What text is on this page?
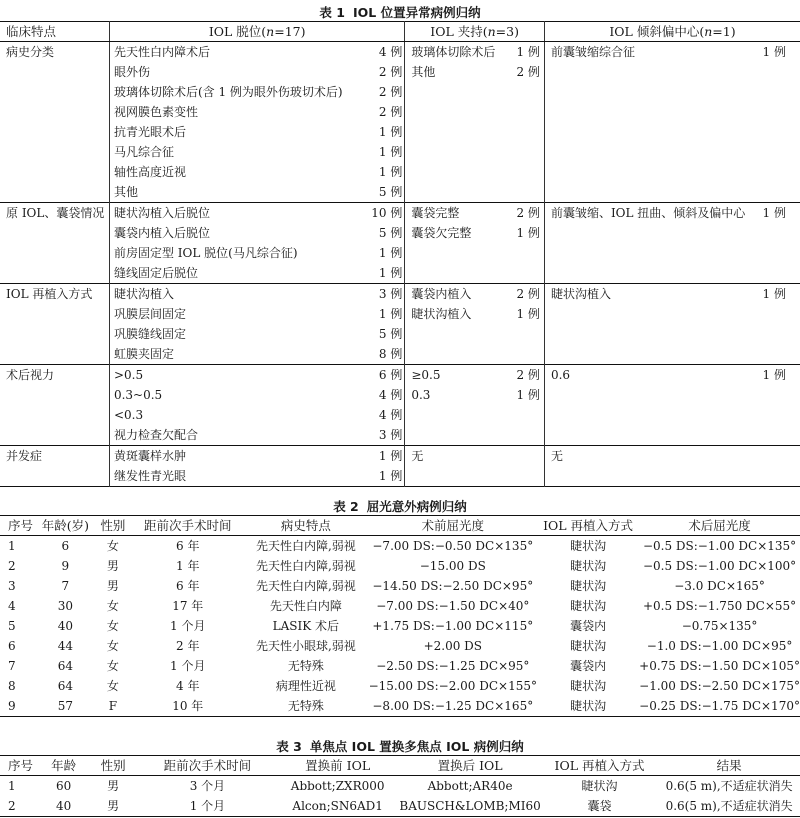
表 1 IOL 位置异常病例归纳
临床特点	IOL 脱位(n=17)		IOL 夹持(n=3)		IOL 倾斜偏中心(n=1)	
病史分类	先天性白内障术后	4 例	玻璃体切除术后	1 例	前囊皱缩综合征	1 例
	眼外伤	2 例	其他	2 例		
	玻璃体切除术后(含 1 例为眼外伤玻切术后)	2 例				
	视网膜色素变性	2 例				
	抗青光眼术后	1 例				
	马凡综合征	1 例				
	轴性高度近视	1 例				
	其他	5 例				
原 IOL、囊袋情况	睫状沟植入后脱位	10 例	囊袋完整	2 例	前囊皱缩、IOL 扭曲、倾斜及偏中心	1 例
	囊袋内植入后脱位	5 例	囊袋欠完整	1 例		
	前房固定型 IOL 脱位(马凡综合征)	1 例				
	缝线固定后脱位	1 例				
IOL 再植入方式	睫状沟植入	3 例	囊袋内植入	2 例	睫状沟植入	1 例
	巩膜层间固定	1 例	睫状沟植入	1 例		
	巩膜缝线固定	5 例				
	虹膜夹固定	8 例				
术后视力	>0.5	6 例	≥0.5	2 例	0.6	1 例
	0.3~0.5	4 例	0.3	1 例		
	<0.3	4 例				
	视力检查欠配合	3 例				
并发症	黄斑囊样水肿	1 例	无		无	
	继发性青光眼	1 例				
表 2 屈光意外病例归纳
序号	年龄(岁)	性别	距前次手术时间	病史特点	术前屈光度	IOL 再植入方式	术后屈光度
1	6	女	6 年	先天性白内障,弱视	−7.00 DS:−0.50 DC×135°	睫状沟	−0.5 DS:−1.00 DC×135°
2	9	男	1 年	先天性白内障,弱视	−15.00 DS	睫状沟	−0.5 DS:−1.00 DC×100°
3	7	男	6 年	先天性白内障,弱视	−14.50 DS:−2.50 DC×95°	睫状沟	−3.0 DC×165°
4	30	女	17 年	先天性白内障	−7.00 DS:−1.50 DC×40°	睫状沟	+0.5 DS:−1.750 DC×55°
5	40	女	1 个月	LASIK 术后	+1.75 DS:−1.00 DC×115°	囊袋内	−0.75×135°
6	44	女	2 年	先天性小眼球,弱视	+2.00 DS	睫状沟	−1.0 DS:−1.00 DC×95°
7	64	女	1 个月	无特殊	−2.50 DS:−1.25 DC×95°	囊袋内	+0.75 DS:−1.50 DC×105°
8	64	女	4 年	病理性近视	−15.00 DS:−2.00 DC×155°	睫状沟	−1.00 DS:−2.50 DC×175°
9	57	F	10 年	无特殊	−8.00 DS:−1.25 DC×165°	睫状沟	−0.25 DS:−1.75 DC×170°
表 3 单焦点 IOL 置换多焦点 IOL 病例归纳
序号	年龄	性别	距前次手术时间	置换前 IOL	置换后 IOL	IOL 再植入方式	结果
1	60	男	3 个月	Abbott;ZXR000	Abbott;AR40e	睫状沟	0.6(5 m),不适症状消失
2	40	男	1 个月	Alcon;SN6AD1	BAUSCH&LOMB;MI60	囊袋	0.6(5 m),不适症状消失
